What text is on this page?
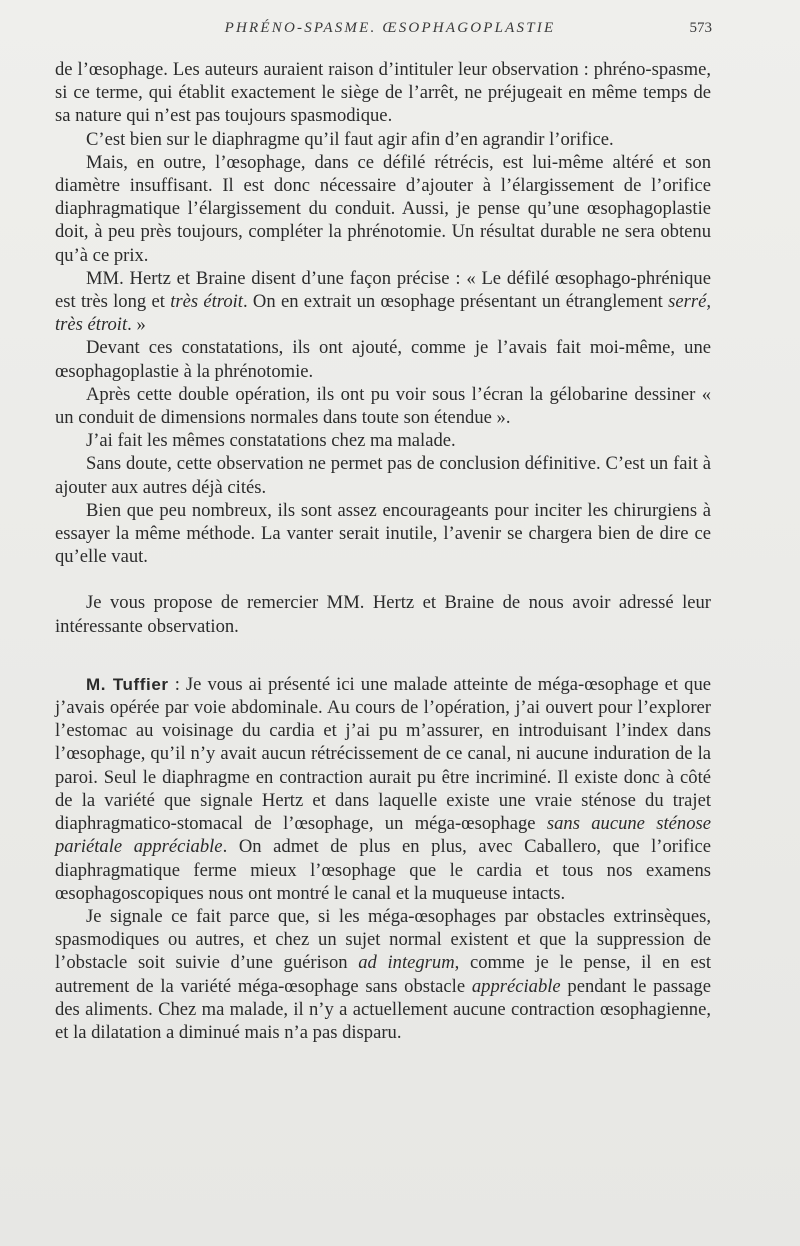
PHRÉNO-SPASME. ŒSOPHAGOPLASTIE	573

de l’œsophage. Les auteurs auraient raison d’intituler leur observation : phréno-spasme, si ce terme, qui établit exactement le siège de l’arrêt, ne préjugeait en même temps de sa nature qui n’est pas toujours spasmodique.

C’est bien sur le diaphragme qu’il faut agir afin d’en agrandir l’orifice.

Mais, en outre, l’œsophage, dans ce défilé rétrécis, est lui-même altéré et son diamètre insuffisant. Il est donc nécessaire d’ajouter à l’élargissement de l’orifice diaphragmatique l’élargissement du conduit. Aussi, je pense qu’une œsophagoplastie doit, à peu près toujours, compléter la phrénotomie. Un résultat durable ne sera obtenu qu’à ce prix.

MM. Hertz et Braine disent d’une façon précise : « Le défilé œsophago-phrénique est très long et très étroit. On en extrait un œsophage présentant un étranglement serré, très étroit. »

Devant ces constatations, ils ont ajouté, comme je l’avais fait moi-même, une œsophagoplastie à la phrénotomie.

Après cette double opération, ils ont pu voir sous l’écran la gélobarine dessiner « un conduit de dimensions normales dans toute son étendue ».

J’ai fait les mêmes constatations chez ma malade.

Sans doute, cette observation ne permet pas de conclusion définitive. C’est un fait à ajouter aux autres déjà cités.

Bien que peu nombreux, ils sont assez encourageants pour inciter les chirurgiens à essayer la même méthode. La vanter serait inutile, l’avenir se chargera bien de dire ce qu’elle vaut.

Je vous propose de remercier MM. Hertz et Braine de nous avoir adressé leur intéressante observation.

M. Tuffier : Je vous ai présenté ici une malade atteinte de méga-œsophage et que j’avais opérée par voie abdominale. Au cours de l’opération, j’ai ouvert pour l’explorer l’estomac au voisinage du cardia et j’ai pu m’assurer, en introduisant l’index dans l’œsophage, qu’il n’y avait aucun rétrécissement de ce canal, ni aucune induration de la paroi. Seul le diaphragme en contraction aurait pu être incriminé. Il existe donc à côté de la variété que signale Hertz et dans laquelle existe une vraie sténose du trajet diaphragmatico-stomacal de l’œsophage, un méga-œsophage sans aucune sténose pariétale appréciable. On admet de plus en plus, avec Caballero, que l’orifice diaphragmatique ferme mieux l’œsophage que le cardia et tous nos examens œsophagoscopiques nous ont montré le canal et la muqueuse intacts.

Je signale ce fait parce que, si les méga-œsophages par obstacles extrinsèques, spasmodiques ou autres, et chez un sujet normal existent et que la suppression de l’obstacle soit suivie d’une guérison ad integrum, comme je le pense, il en est autrement de la variété méga-œsophage sans obstacle appréciable pendant le passage des aliments. Chez ma malade, il n’y a actuellement aucune contraction œsophagienne, et la dilatation a diminué mais n’a pas disparu.
